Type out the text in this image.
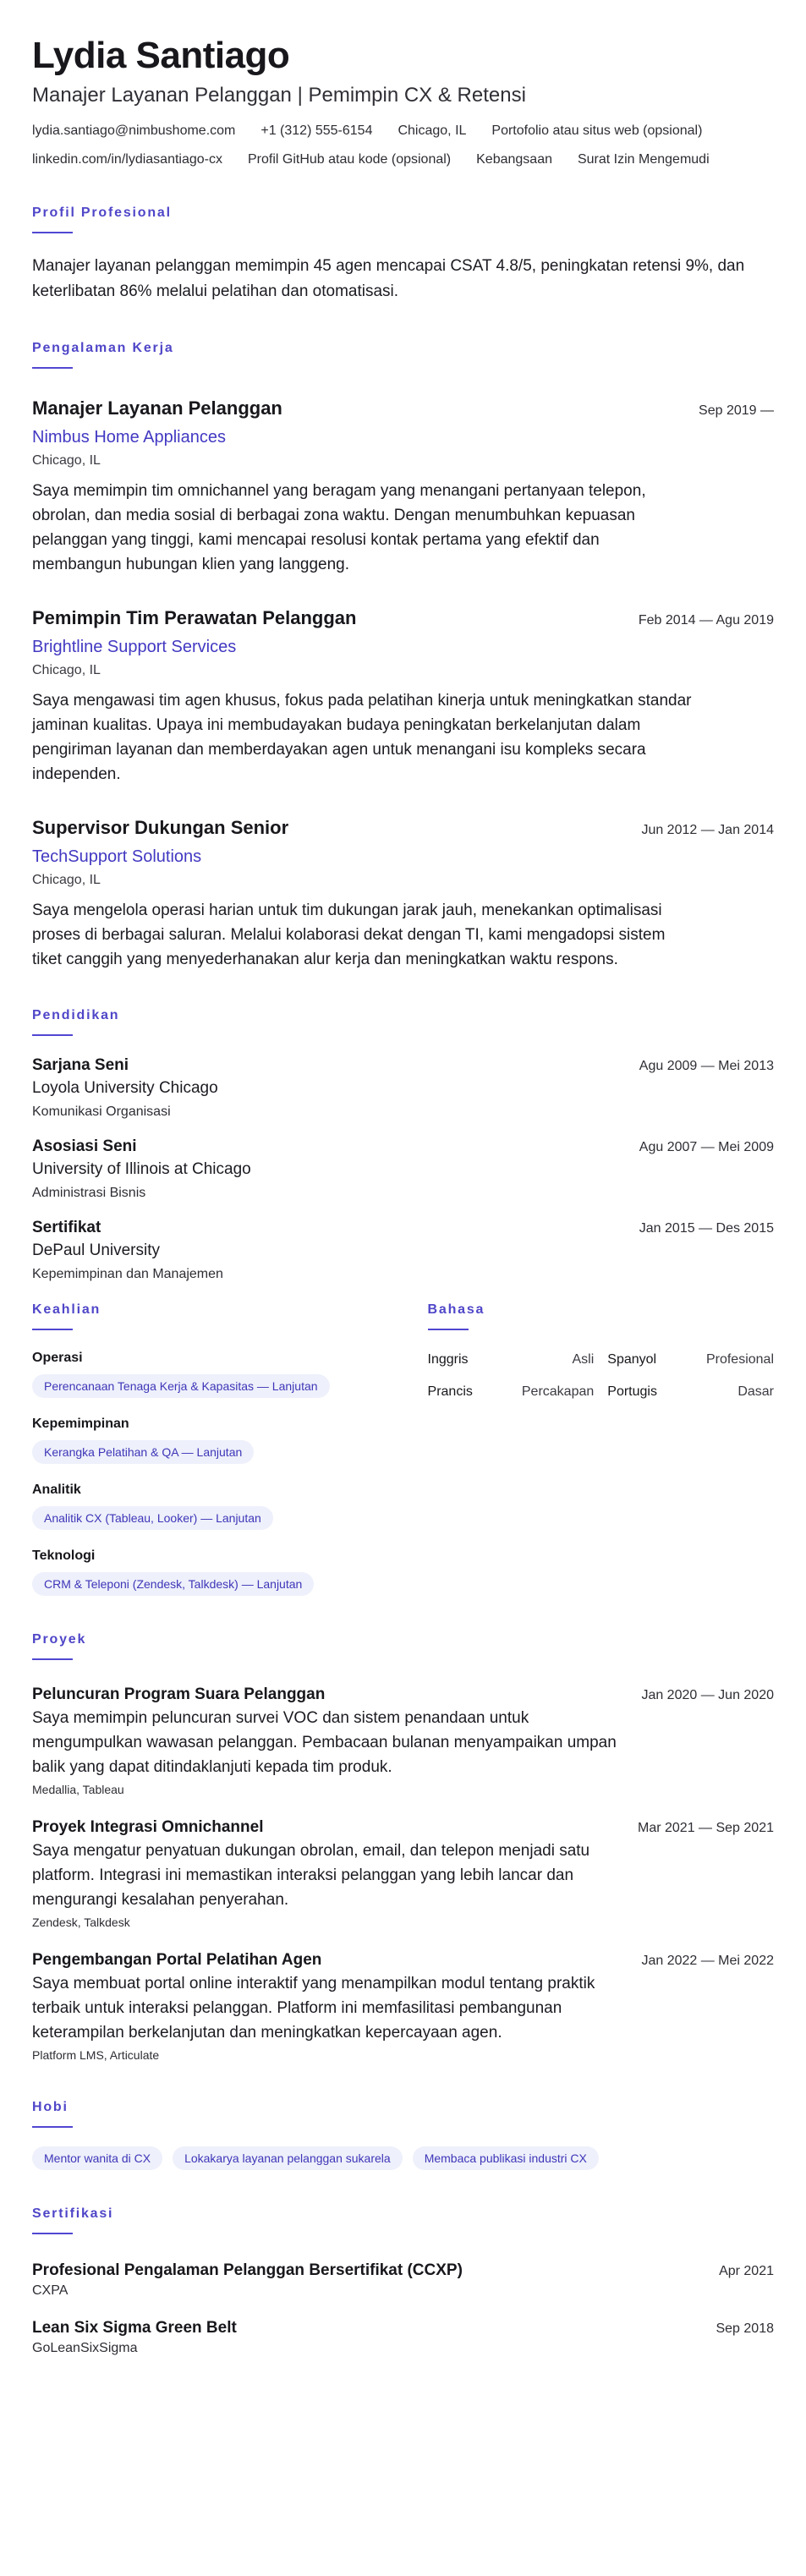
Lydia Santiago
Manajer Layanan Pelanggan | Pemimpin CX & Retensi
lydia.santiago@nimbushome.com +1 (312) 555-6154 Chicago, IL Portofolio atau situs web (opsional)
linkedin.com/in/lydiasantiago-cx Profil GitHub atau kode (opsional) Kebangsaan Surat Izin Mengemudi
Profil Profesional

Manajer layanan pelanggan memimpin 45 agen mencapai CSAT 4.8/5, peningkatan retensi 9%, dan keterlibatan 86% melalui pelatihan dan otomatisasi.

Pengalaman Kerja
Manajer Layanan Pelanggan	Sep 2019 —
Nimbus Home Appliances
Chicago, IL

Saya memimpin tim omnichannel yang beragam yang menangani pertanyaan telepon, obrolan, dan media sosial di berbagai zona waktu. Dengan menumbuhkan kepuasan pelanggan yang tinggi, kami mencapai resolusi kontak pertama yang efektif dan membangun hubungan klien yang langgeng.

Pemimpin Tim Perawatan Pelanggan	Feb 2014 — Agu 2019
Brightline Support Services
Chicago, IL

Saya mengawasi tim agen khusus, fokus pada pelatihan kinerja untuk meningkatkan standar jaminan kualitas. Upaya ini membudayakan budaya peningkatan berkelanjutan dalam pengiriman layanan dan memberdayakan agen untuk menangani isu kompleks secara independen.

Supervisor Dukungan Senior	Jun 2012 — Jan 2014
TechSupport Solutions
Chicago, IL

Saya mengelola operasi harian untuk tim dukungan jarak jauh, menekankan optimalisasi proses di berbagai saluran. Melalui kolaborasi dekat dengan TI, kami mengadopsi sistem tiket canggih yang menyederhanakan alur kerja dan meningkatkan waktu respons.

Pendidikan
Sarjana Seni	Agu 2009 — Mei 2013
Loyola University Chicago
Komunikasi Organisasi
Asosiasi Seni	Agu 2007 — Mei 2009
University of Illinois at Chicago
Administrasi Bisnis
Sertifikat	Jan 2015 — Des 2015
DePaul University
Kepemimpinan dan Manajemen
Keahlian
Operasi
Perencanaan Tenaga Kerja & Kapasitas — Lanjutan
Kepemimpinan
Kerangka Pelatihan & QA — Lanjutan
Analitik
Analitik CX (Tableau, Looker) — Lanjutan
Teknologi
CRM & Teleponi (Zendesk, Talkdesk) — Lanjutan
Bahasa
Inggris	Asli Spanyol	Profesional
Prancis	Percakapan Portugis	Dasar
Proyek
Peluncuran Program Suara Pelanggan	Jan 2020 — Jun 2020

Saya memimpin peluncuran survei VOC dan sistem penandaan untuk mengumpulkan wawasan pelanggan. Pembacaan bulanan menyampaikan umpan balik yang dapat ditindaklanjuti kepada tim produk.

Medallia, Tableau
Proyek Integrasi Omnichannel	Mar 2021 — Sep 2021

Saya mengatur penyatuan dukungan obrolan, email, dan telepon menjadi satu platform. Integrasi ini memastikan interaksi pelanggan yang lebih lancar dan mengurangi kesalahan penyerahan.

Zendesk, Talkdesk
Pengembangan Portal Pelatihan Agen	Jan 2022 — Mei 2022

Saya membuat portal online interaktif yang menampilkan modul tentang praktik terbaik untuk interaksi pelanggan. Platform ini memfasilitasi pembangunan keterampilan berkelanjutan dan meningkatkan kepercayaan agen.

Platform LMS, Articulate
Hobi
Mentor wanita di CX	Lokakarya layanan pelanggan sukarela	Membaca publikasi industri CX
Sertifikasi
Profesional Pengalaman Pelanggan Bersertifikat (CCXP)	Apr 2021
CXPA
Lean Six Sigma Green Belt	Sep 2018
GoLeanSixSigma
